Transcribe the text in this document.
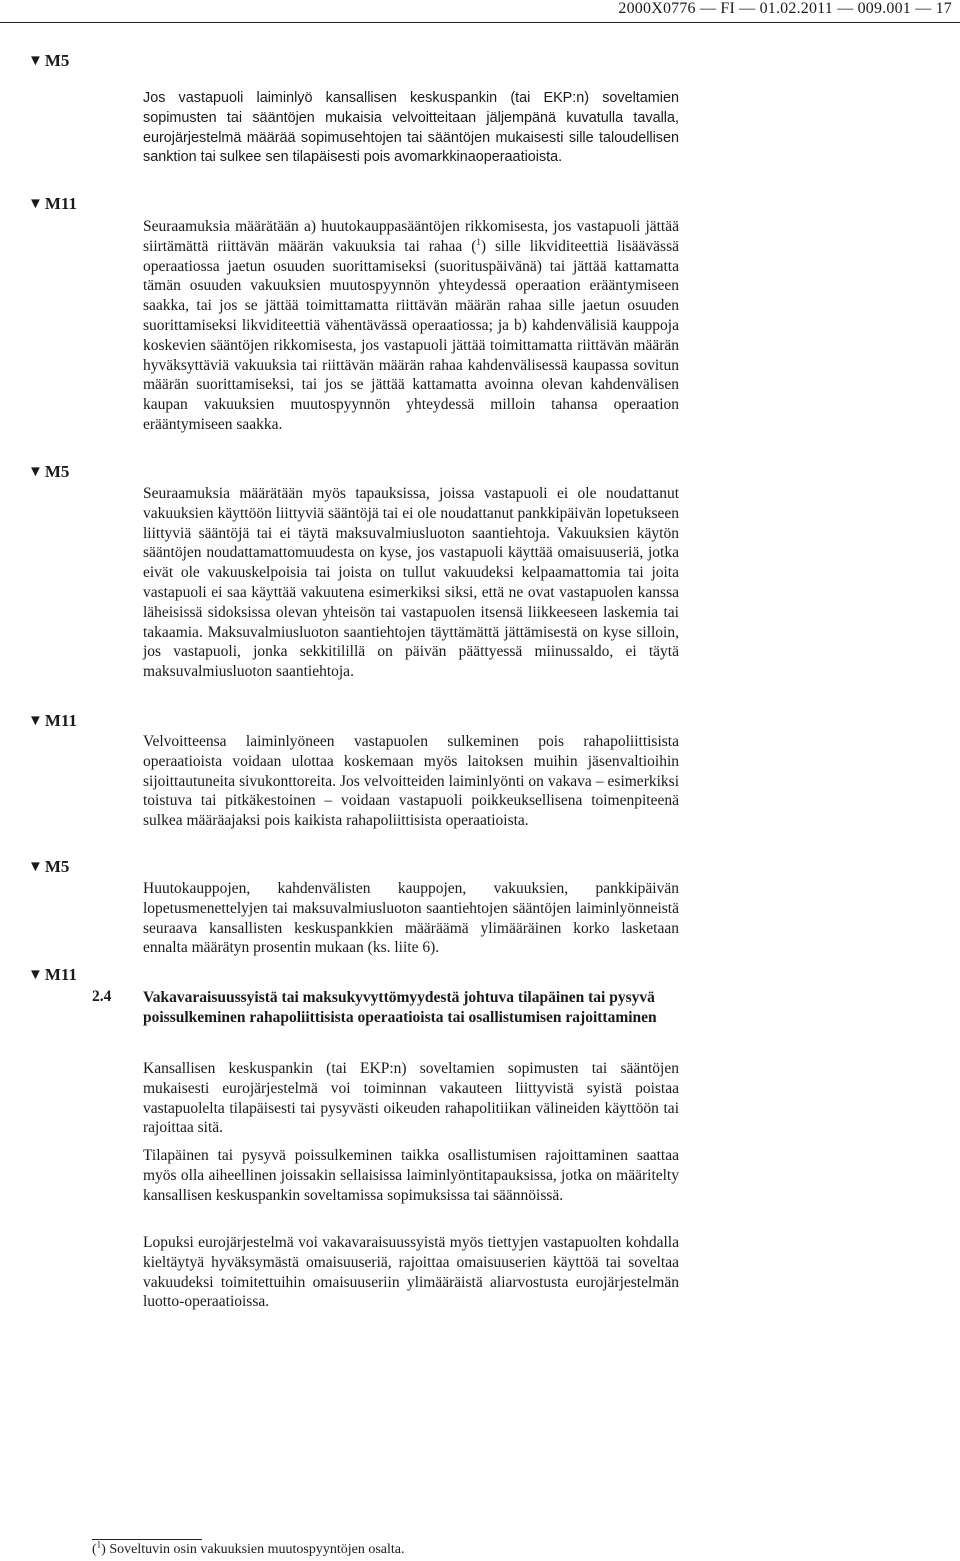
2000X0776 — FI — 01.02.2011 — 009.001 — 17
▼ M5
▼ M11
▼ M5
▼ M11
▼ M5
▼ M11

Jos vastapuoli laiminlyö kansallisen keskuspankin (tai EKP:n) soveltamien sopimusten tai sääntöjen mukaisia velvoitteitaan jäljempänä kuvatulla tavalla, eurojärjestelmä määrää sopimusehtojen tai sääntöjen mukaisesti sille taloudellisen sanktion tai sulkee sen tilapäisesti pois avomarkkinaoperaatioista.

Seuraamuksia määrätään a) huutokauppasääntöjen rikkomisesta, jos vastapuoli jättää siirtämättä riittävän määrän vakuuksia tai rahaa ($^1$) sille likviditeettiä lisäävässä operaatiossa jaetun osuuden suorittamiseksi (suorituspäivänä) tai jättää kattamatta tämän osuuden vakuuksien muutospyynnön yhteydessä operaation erääntymiseen saakka, tai jos se jättää toimittamatta riittävän määrän rahaa sille jaetun osuuden suorittamiseksi likviditeettiä vähentävässä operaatiossa; ja b) kahdenvälisiä kauppoja koskevien sääntöjen rikkomisesta, jos vastapuoli jättää toimittamatta riittävän määrän hyväksyttäviä vakuuksia tai riittävän määrän rahaa kahdenvälisessä kaupassa sovitun määrän suorittamiseksi, tai jos se jättää kattamatta avoinna olevan kahdenvälisen kaupan vakuuksien muutospyynnön yhteydessä milloin tahansa operaation erääntymiseen saakka.

Seuraamuksia määrätään myös tapauksissa, joissa vastapuoli ei ole noudattanut vakuuksien käyttöön liittyviä sääntöjä tai ei ole noudattanut pankkipäivän lopetukseen liittyviä sääntöjä tai ei täytä maksuvalmiusluoton saantiehtoja. Vakuuksien käytön sääntöjen noudattamattomuudesta on kyse, jos vastapuoli käyttää omaisuuseriä, jotka eivät ole vakuuskelpoisia tai joista on tullut vakuudeksi kelpaamattomia tai joita vastapuoli ei saa käyttää vakuutena esimerkiksi siksi, että ne ovat vastapuolen kanssa läheisissä sidoksissa olevan yhteisön tai vastapuolen itsensä liikkeeseen laskemia tai takaamia. Maksuvalmiusluoton saantiehtojen täyttämättä jättämisestä on kyse silloin, jos vastapuoli, jonka sekkitilillä on päivän päättyessä miinussaldo, ei täytä maksuvalmiusluoton saantiehtoja.

Velvoitteensa laiminlyöneen vastapuolen sulkeminen pois rahapoliittisista operaatioista voidaan ulottaa koskemaan myös laitoksen muihin jäsenvaltioihin sijoittautuneita sivukonttoreita. Jos velvoitteiden laiminlyönti on vakava – esimerkiksi toistuva tai pitkäkestoinen – voidaan vastapuoli poikkeuksellisena toimenpiteenä sulkea määräajaksi pois kaikista rahapoliittisista operaatioista.

Huutokauppojen, kahdenvälisten kauppojen, vakuuksien, pankkipäivän lopetusmenettelyjen tai maksuvalmiusluoton saantiehtojen sääntöjen laiminlyönneistä seuraava kansallisten keskuspankkien määräämä ylimääräinen korko lasketaan ennalta määrätyn prosentin mukaan (ks. liite 6).

2.4 Vakavaraisuussyistä tai maksukyvyttömyydestä johtuva tilapäinen tai pysyvä poissulkeminen rahapoliittisista operaatioista tai osallistumisen rajoittaminen

Kansallisen keskuspankin (tai EKP:n) soveltamien sopimusten tai sääntöjen mukaisesti eurojärjestelmä voi toiminnan vakauteen liittyvistä syistä poistaa vastapuolelta tilapäisesti tai pysyvästi oikeuden rahapolitiikan välineiden käyttöön tai rajoittaa sitä.

Tilapäinen tai pysyvä poissulkeminen taikka osallistumisen rajoittaminen saattaa myös olla aiheellinen joissakin sellaisissa laiminlyöntitapauksissa, jotka on määritelty kansallisen keskuspankin soveltamissa sopimuksissa tai säännöissä.

Lopuksi eurojärjestelmä voi vakavaraisuussyistä myös tiettyjen vastapuolten kohdalla kieltäytyä hyväksymästä omaisuuseriä, rajoittaa omaisuuserien käyttöä tai soveltaa vakuudeksi toimitettuihin omaisuuseriin ylimääräistä aliarvostusta eurojärjestelmän luotto-operaatioissa.

($^1$) Soveltuvin osin vakuuksien muutospyyntöjen osalta.
